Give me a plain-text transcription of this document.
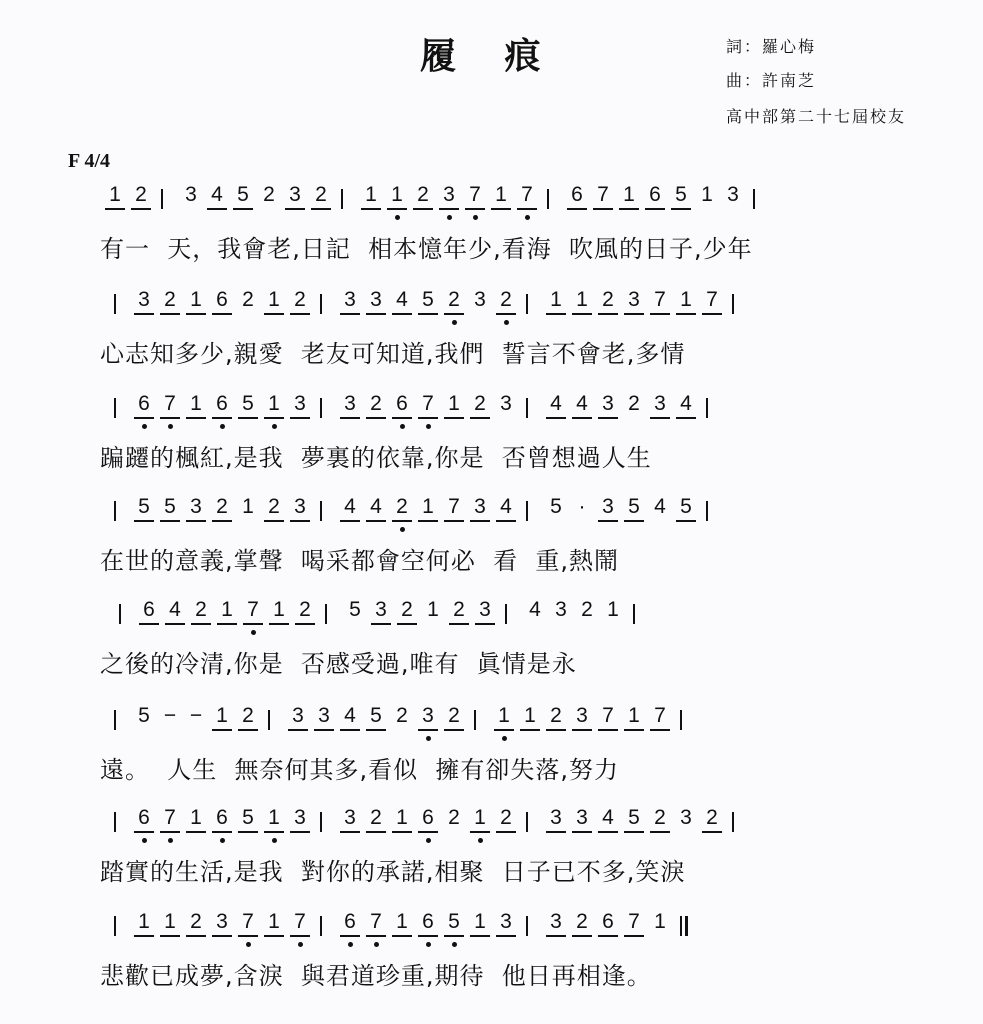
履 痕	詞：羅心梅
曲：許南芝
高中部第二十七屆校友
F 4/4
1 2 3 4 5 2 3 2 1 1 2 3 7 1 7 6 7 1 6 5 1 3
有一  天，我會老,日記  相本憶年少,看海  吹風的日子,少年
3 2 1 6 2 1 2 3 3 4 5 2 3 2 1 1 2 3 7 1 7
心志知多少,親愛  老友可知道,我們  誓言不會老,多情
6 7 1 6 5 1 3 3 2 6 7 1 2 3 4 4 3 2 3 4
蹁躚的楓紅,是我  夢裏的依靠,你是  否曾想過人生
5 5 3 2 1 2 3 4 4 2 1 7 3 4 5 · 3 5 4 5
在世的意義,掌聲  喝采都會空何必  看  重,熱鬧
6 4 2 1 7 1 2 5 3 2 1 2 3 4 3 2 1
之後的冷清,你是  否感受過,唯有  眞情是永
5 − − 1 2 3 3 4 5 2 3 2 1 1 2 3 7 1 7
遠。  人生  無奈何其多,看似  擁有卻失落,努力
6 7 1 6 5 1 3 3 2 1 6 2 1 2 3 3 4 5 2 3 2
踏實的生活,是我  對你的承諾,相聚  日子已不多,笑淚
1 1 2 3 7 1 7 6 7 1 6 5 1 3 3 2 6 7 1
悲歡已成夢,含淚  與君道珍重,期待  他日再相逢。
